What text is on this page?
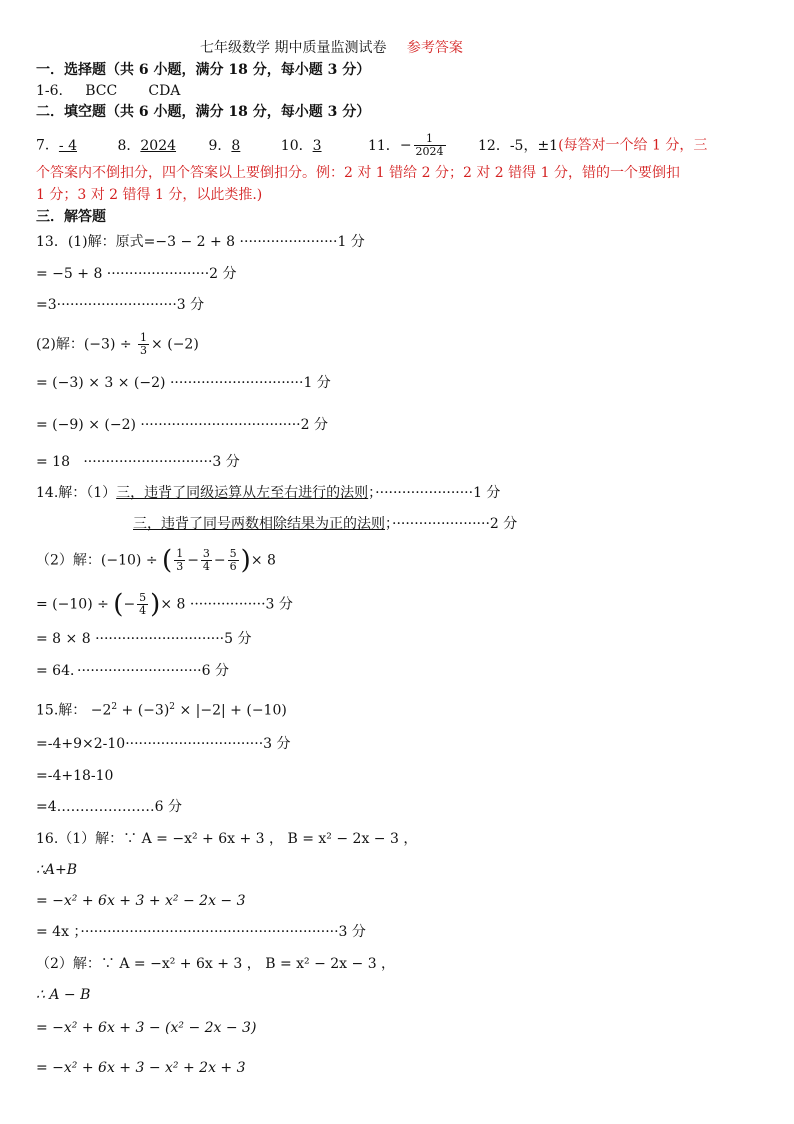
七年级数学 期中质量监测试卷 参考答案
一．选择题（共 6 小题，满分 18 分，每小题 3 分）
1-6.     BCC       CDA
二．填空题（共 6 小题，满分 18 分，每小题 3 分）
7．- 4	8．2024 9．8	10．3	11．− $\frac{1}{2024} 12$．-5，±1(每答对一个给 1 分，三
个答案内不倒扣分，四个答案以上要倒扣分。例：2 对 1 错给 2 分；2 对 2 错得 1 分，错的一个要倒扣
1 分；3 对 2 错得 1 分，以此类推.)
三．解答题
13．(1)解：原式=−3 − 2 + 8 ······················1 分
= −5 + 8 ·······················2 分
=3···························3 分
(2)解：$(-3) \div \frac{1}{3} \times (-2)$
= (−3) × 3 × (−2) ······························1 分
= (−9) × (−2) ····································2 分
= 18   ·····························3 分
14.解：（1）三，违背了同级运算从左至右进行的法则；······················1 分
三，违背了同号两数相除结果为正的法则；······················2 分
（2）解：(−10) ÷ ( $\frac{1}{3} - \frac{3}{4} - \frac{5}{6}$ )× 8
= (−10) ÷ (− $\frac{5}{4}$ )× 8 ·················3 分
= 8 × 8 ·····························5 分
= 64．····························6 分
15.解： $-2^2 + (-3)^2 \times |-2| + (-10)$
=-4+9×2-10·······························3 分
=-4+18-10
=4…………………6 分
16.（1）解：∵ A = −x² + 6x + 3 ， B = x² − 2x − 3 ，
∴A+B
= −x² + 6x + 3 + x² − 2x − 3
= 4x ；··························································3 分
（2）解：∵ A = −x² + 6x + 3 ， B = x² − 2x − 3 ，
∴ A − B
= −x² + 6x + 3 − (x² − 2x − 3)
= −x² + 6x + 3 − x² + 2x + 3
